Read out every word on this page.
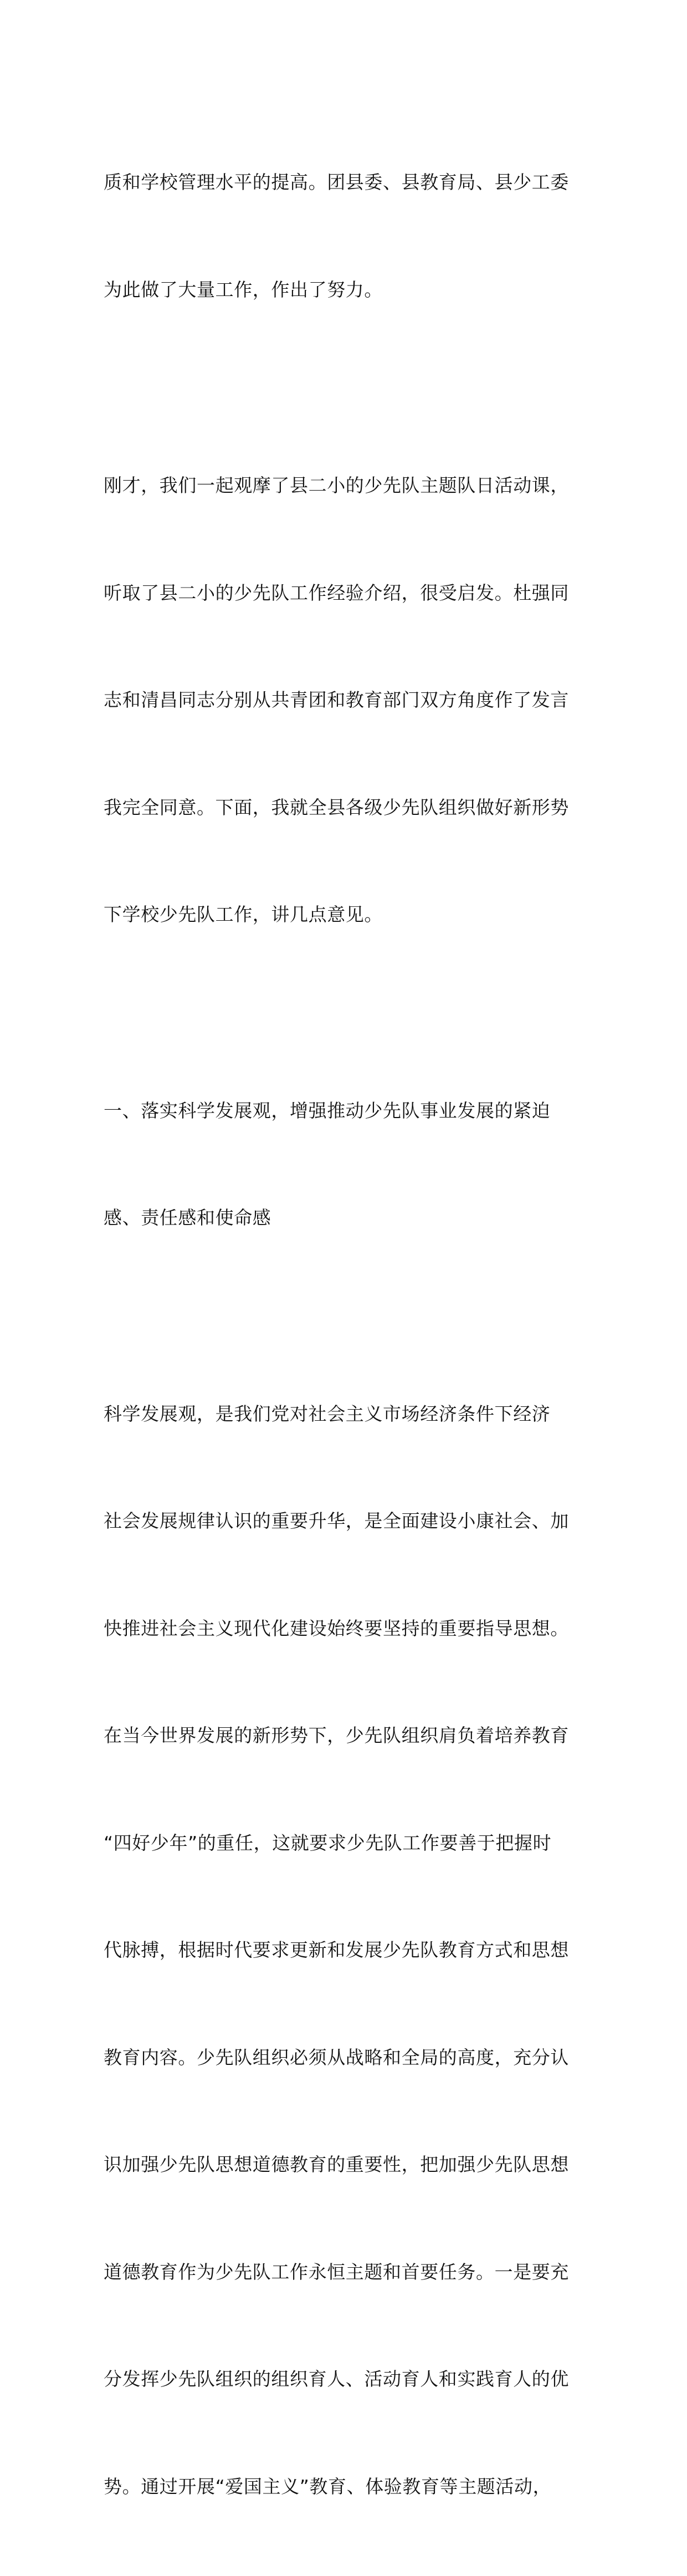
质和学校管理水平的提高。团县委、县教育局、县少工委

为此做了大量工作，作出了努力。

刚才，我们一起观摩了县二小的少先队主题队日活动课，

听取了县二小的少先队工作经验介绍，很受启发。杜强同

志和清昌同志分别从共青团和教育部门双方角度作了发言

我完全同意。下面，我就全县各级少先队组织做好新形势

下学校少先队工作，讲几点意见。

一、落实科学发展观，增强推动少先队事业发展的紧迫

感、责任感和使命感

科学发展观，是我们党对社会主义市场经济条件下经济

社会发展规律认识的重要升华，是全面建设小康社会、加

快推进社会主义现代化建设始终要坚持的重要指导思想。

在当今世界发展的新形势下，少先队组织肩负着培养教育

“四好少年”的重任，这就要求少先队工作要善于把握时

代脉搏，根据时代要求更新和发展少先队教育方式和思想

教育内容。少先队组织必须从战略和全局的高度，充分认

识加强少先队思想道德教育的重要性，把加强少先队思想

道德教育作为少先队工作永恒主题和首要任务。一是要充

分发挥少先队组织的组织育人、活动育人和实践育人的优

势。通过开展“爱国主义”教育、体验教育等主题活动，
